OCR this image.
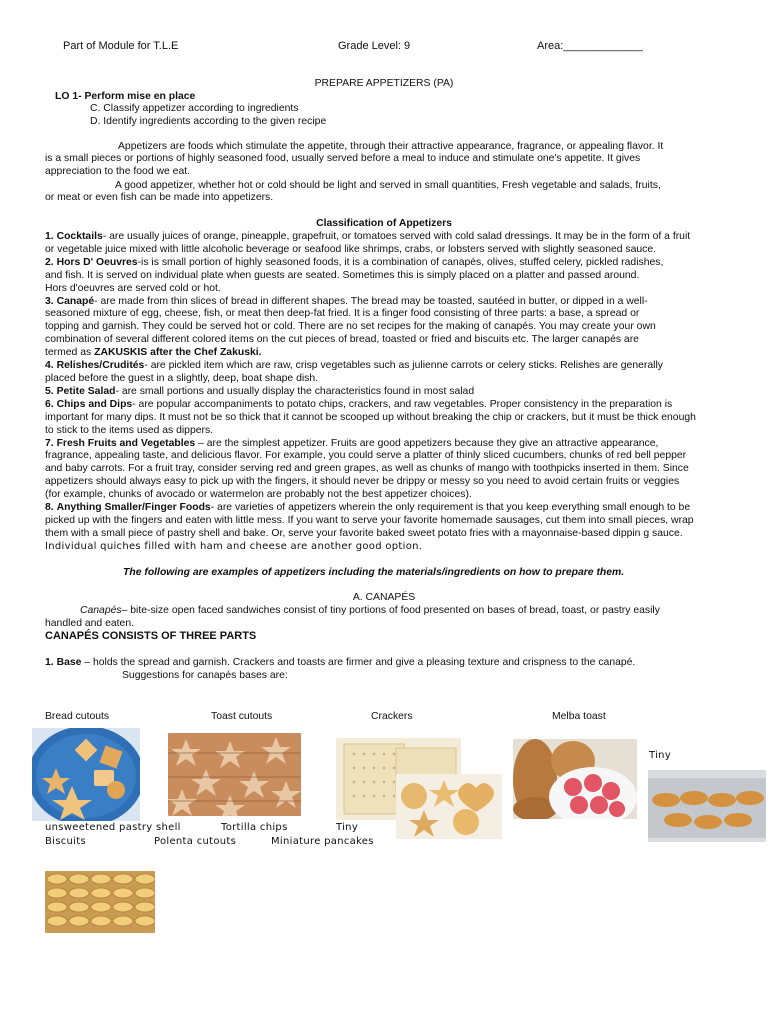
Part of Module for T.L.E	Grade Level: 9	Area:_____________
PREPARE APPETIZERS (PA)
LO 1- Perform mise en place
C. Classify appetizer according to ingredients
D. Identify ingredients according to the given recipe
Appetizers are foods which stimulate the appetite, through their attractive appearance, fragrance, or appealing flavor. It
is a small pieces or portions of highly seasoned food, usually served before a meal to induce and stimulate one's appetite. It gives
appreciation to the food we eat.
A good appetizer, whether hot or cold should be light and served in small quantities, Fresh vegetable and salads, fruits,
or meat or even fish can be made into appetizers.
Classification of Appetizers
1. Cocktails- are usually juices of orange, pineapple, grapefruit, or tomatoes served with cold salad dressings. It may be in the form of a fruit
or vegetable juice mixed with little alcoholic beverage or seafood like shrimps, crabs, or lobsters served with slightly seasoned sauce.
2. Hors D' Oeuvres-is is small portion of highly seasoned foods, it is a combination of canapés, olives, stuffed celery, pickled radishes,
and fish. It is served on individual plate when guests are seated. Sometimes this is simply placed on a platter and passed around.
Hors d'oeuvres are served cold or hot.
3. Canapé- are made from thin slices of bread in different shapes. The bread may be toasted, sautéed in butter, or dipped in a well-
seasoned mixture of egg, cheese, fish, or meat then deep-fat fried. It is a finger food consisting of three parts: a base, a spread or
topping and garnish. They could be served hot or cold. There are no set recipes for the making of canapés. You may create your own
combination of several different colored items on the cut pieces of bread, toasted or fried and biscuits etc. The larger canapés are
termed as ZAKUSKIS after the Chef Zakuski.
4. Relishes/Crudités- are pickled item which are raw, crisp vegetables such as julienne carrots or celery sticks. Relishes are generally
placed before the guest in a slightly, deep, boat shape dish.
5. Petite Salad- are small portions and usually display the characteristics found in most salad
6. Chips and Dips- are popular accompaniments to potato chips, crackers, and raw vegetables. Proper consistency in the preparation is
important for many dips. It must not be so thick that it cannot be scooped up without breaking the chip or crackers, but it must be thick enough
to stick to the items used as dippers.
7. Fresh Fruits and Vegetables – are the simplest appetizer. Fruits are good appetizers because they give an attractive appearance,
fragrance, appealing taste, and delicious flavor. For example, you could serve a platter of thinly sliced cucumbers, chunks of red bell pepper
and baby carrots. For a fruit tray, consider serving red and green grapes, as well as chunks of mango with toothpicks inserted in them. Since
appetizers should always easy to pick up with the fingers, it should never be drippy or messy so you need to avoid certain fruits or veggies
(for example, chunks of avocado or watermelon are probably not the best appetizer choices).
8. Anything Smaller/Finger Foods- are varieties of appetizers wherein the only requirement is that you keep everything small enough to be
picked up with the fingers and eaten with little mess. If you want to serve your favorite homemade sausages, cut them into small pieces, wrap
them with a small piece of pastry shell and bake. Or, serve your favorite baked sweet potato fries with a mayonnaise-based dippin g sauce.
Individual quiches filled with ham and cheese are another good option.
The following are examples of appetizers including the materials/ingredients on how to prepare them.
A. CANAPÉS
Canapés– bite-size open faced sandwiches consist of tiny portions of food presented on bases of bread, toast, or pastry easily
handled and eaten.
CANAPÉS CONSISTS OF THREE PARTS
1. Base – holds the spread and garnish. Crackers and toasts are firmer and give a pleasing texture and crispness to the canapé.
Suggestions for canapés bases are:
Bread cutouts	Toast cutouts	Crackers	Melba toast
Tiny
unsweetened pastry shell	Tortilla chips	Tiny
Biscuits	Polenta cutouts	Miniature pancakes
